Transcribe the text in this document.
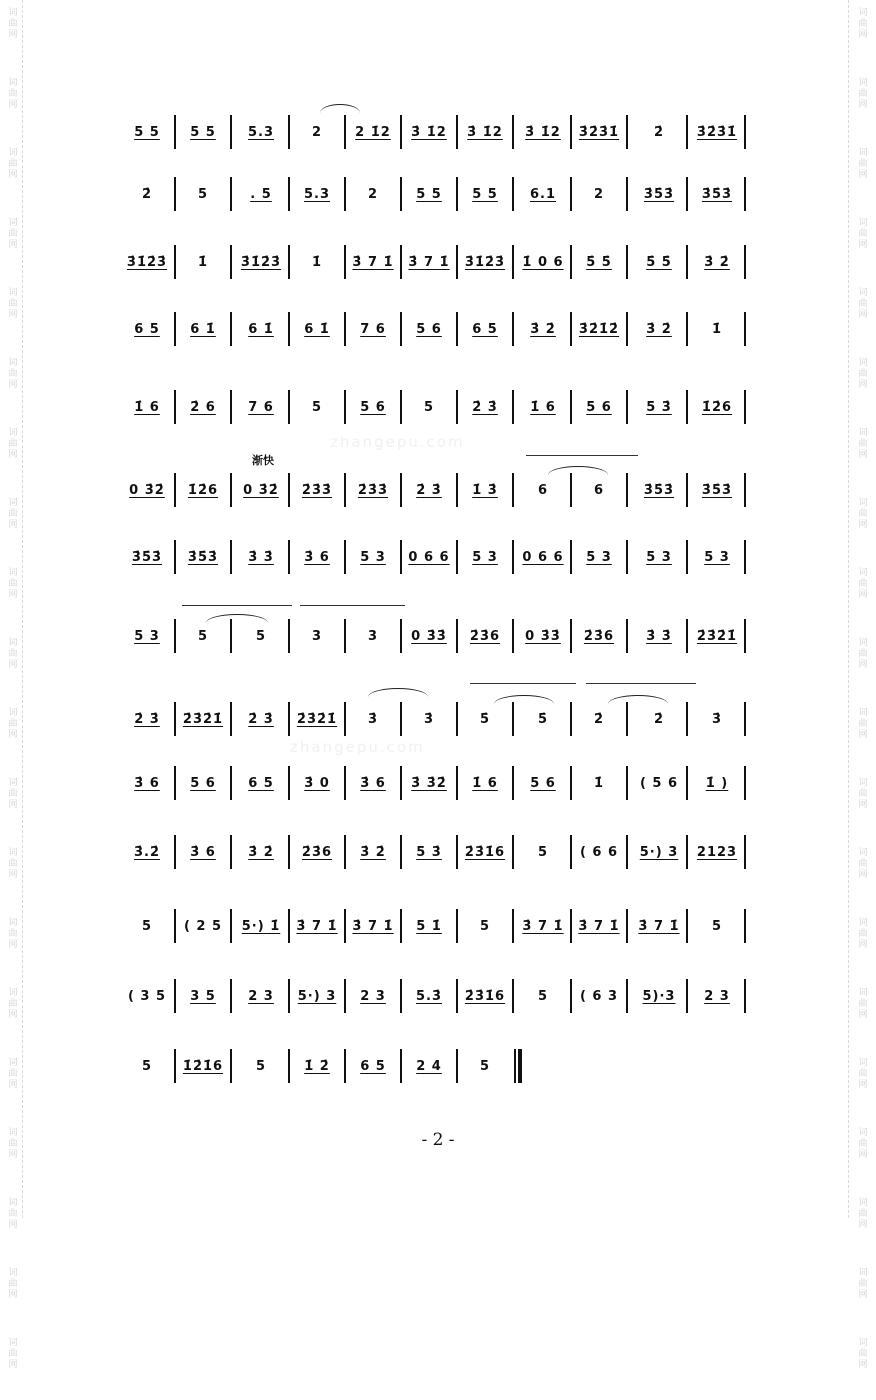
词
曲
网
词
曲
网
词
曲
网
词
曲
网
词
曲
网
词
曲
网
词
曲
网
词
曲
网
词
曲
网
词
曲
网
词
曲
网
词
曲
网
词
曲
网
词
曲
网
词
曲
网
词
曲
网
词
曲
网
词
曲
网
词
曲
网
词
曲
网
词
曲
网
词
曲
网
词
曲
网
词
曲
网
词
曲
网
词
曲
网
词
曲
网
词
曲
网
词
曲
网
词
曲
网
词
曲
网
词
曲
网
词
曲
网
词
曲
网
词
曲
网
词
曲
网
词
曲
网
词
曲
网
词
曲
网
词
曲
网
zhangepu.com
zhangepu.com
渐快
5 5	5 5	5.3	2	2 1̇2	3̇ 1̇2	3̇ 1̇2	3̇ 1̇2	3̇2̇3̇1̇	2̇	3̇2̇3̇1̇
2̇	5	. 5	5.3	2	5 5	5 5	6.1	2	3̇5̇3̇	3̇5̇3̇
3̇1̇2̇3̇	1̇	3̇1̇2̇3̇	1̇	3̇ 7 1̇	3̇ 7 1̇	3̇1̇2̇3̇	1̇ 0 6	5̇ 5̇	5̇ 5̇	3̇ 2̇
6 5	6 1̇	6 1̇	6 1̇	7 6	5 6	6 5	3̇ 2̇	3̇2̇1̇2̇	3̇ 2̇	1̇
1̇ 6	2̇ 6	7 6	5	5 6	5	2̇ 3̇	1̇ 6	5 6	5 3̇	1̇2̇6
0 3̇2̇	1̇2̇6	0 3̇2̇	2̇3̇3̇	2̇3̇3̇	2̇ 3̇	1̇ 3̇	6	6	3̇5̇3̇	3̇5̇3̇
3̇5̇3̇	3̇5̇3̇	3̇ 3̇	3̇ 6	5 3	0 6 6	5 3	0 6 6	5 3	5 3	5 3
5 3	5	5	3	3	0 3̇3̇	2̇3̇6	0 3̇3̇	2̇3̇6	3̇ 3̇	2̇3̇2̇1̇
2̇ 3̇	2̇3̇2̇1̇	2̇ 3̇	2̇3̇2̇1̇	3̇	3̇	5̇	5̇	2̇	2̇	3̇
3̇ 6	5 6	6 5	3̇ 0	3̇ 6	3̇ 3̇2̇	1̇ 6	5 6	1̇	( 5 6	1̇ )
3̇.2̇	3̇ 6	3̇ 2̇	2̇3̇6	3̇ 2̇	5 3̇	2̇3̇1̇6	5	( 6 6	5·) 3	2123
5	( 2 5	5·) 1̇	3̇ 7 1̇	3̇ 7 1̇	5 1̇	5	3̇ 7 1̇	3̇ 7 1̇	3̇ 7 1̇	5
( 3 5	3 5	2 3	5·) 3	2 3	5.3̇	2̇3̇1̇6	5	( 6 3	5)·3	2 3
5	1̇2̇1̇6	5	1̇ 2̇	6 5	2 4	5
- 2 -
